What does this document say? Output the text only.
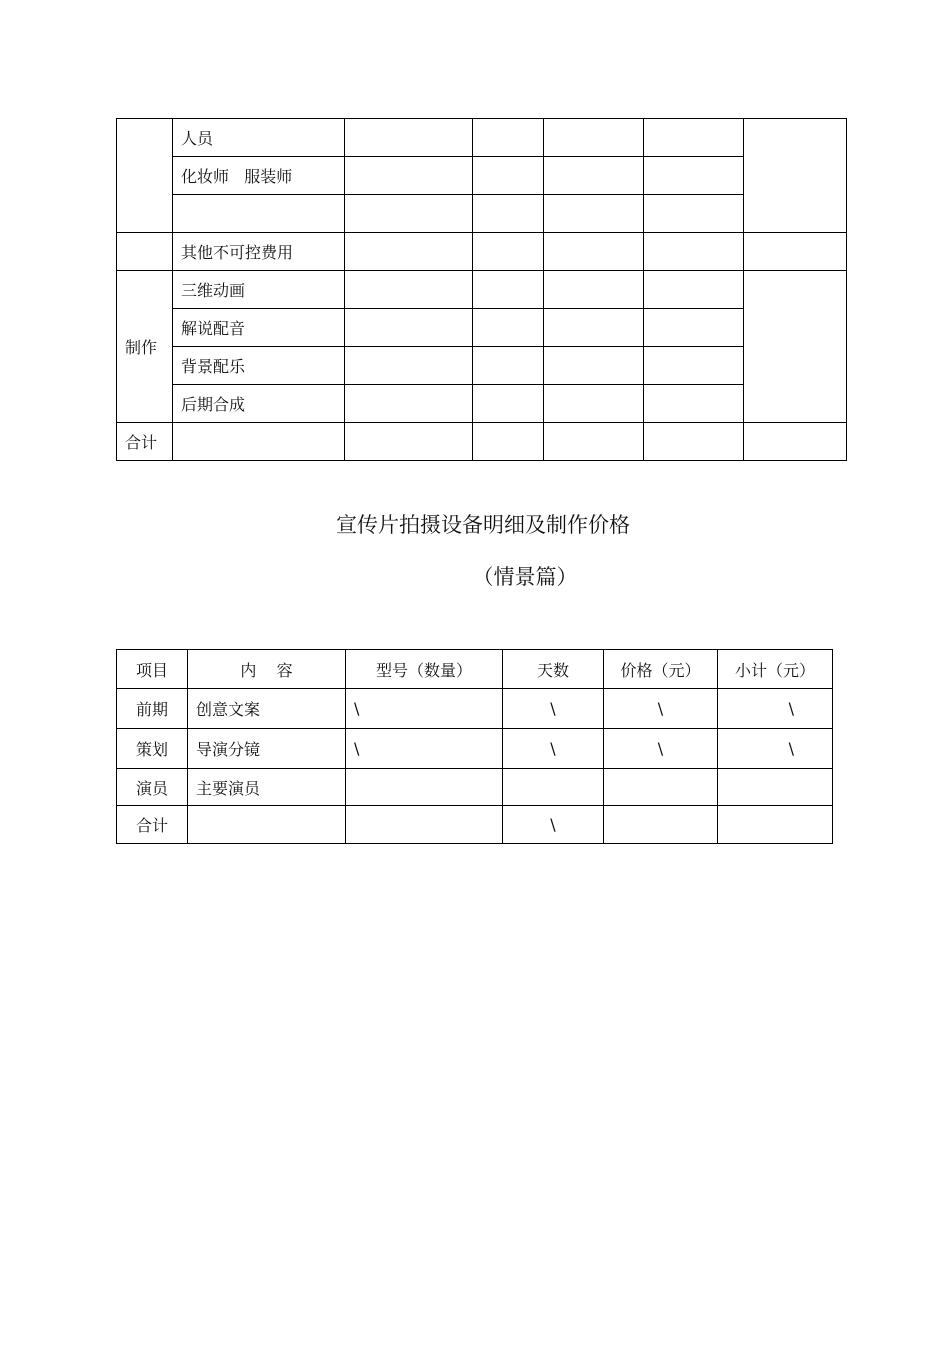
	人员					
	化妆师   服装师					

	其他不可控费用					
制作	三维动画					
	解说配音					
	背景配乐					
	后期合成					
合计						
宣传片拍摄设备明细及制作价格
（情景篇）
项目	内    容	型号（数量）	天数	价格（元）	小计（元）
前期	创意文案	\	\	\	\
策划	导演分镜	\	\	\	\
演员	主要演员				
合计			\		
